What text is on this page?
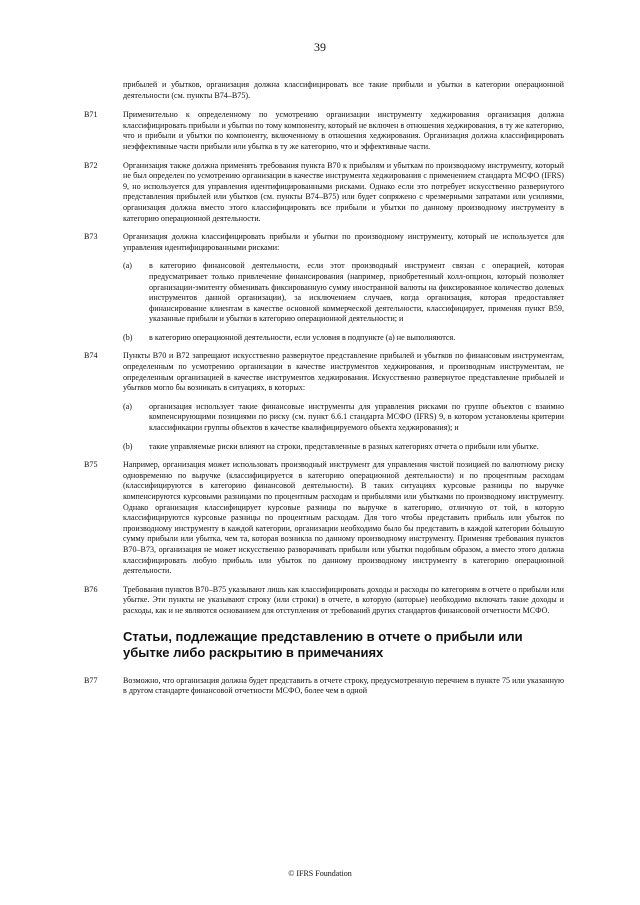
39
прибылей и убытков, организация должна классифицировать все такие прибыли и убытки в категории операционной деятельности (см. пункты B74–B75).
B71	Применительно к определенному по усмотрению организации инструменту хеджирования организация должна классифицировать прибыли и убытки по тому компоненту, который не включен в отношения хеджирования, в ту же категорию, что и прибыли и убытки по компоненту, включенному в отношения хеджирования. Организация должна классифицировать неэффективные части прибыли или убытка в ту же категорию, что и эффективные части.
B72	Организация также должна применять требования пункта B70 к прибылям и убыткам по производному инструменту, который не был определен по усмотрению организации в качестве инструмента хеджирования с применением стандарта МСФО (IFRS) 9, но используется для управления идентифицированными рисками. Однако если это потребует искусственно развернутого представления прибылей или убытков (см. пункты B74–B75) или будет сопряжено с чрезмерными затратами или усилиями, организация должна вместо этого классифицировать все прибыли и убытки по данному производному инструменту в категорию операционной деятельности.
B73	Организация должна классифицировать прибыли и убытки по производному инструменту, который не используется для управления идентифицированными рисками:
(a) в категорию финансовой деятельности, если этот производный инструмент связан с операцией, которая предусматривает только привлечение финансирования (например, приобретенный колл-опцион, который позволяет организации-эмитенту обменивать фиксированную сумму иностранной валюты на фиксированное количество долевых инструментов данной организации), за исключением случаев, когда организация, которая предоставляет финансирование клиентам в качестве основной коммерческой деятельности, классифицирует, применяя пункт B59, указанные прибыли и убытки в категорию операционной деятельности; и
(b) в категорию операционной деятельности, если условия в подпункте (a) не выполняются.
B74	Пункты B70 и B72 запрещают искусственно развернутое представление прибылей и убытков по финансовым инструментам, определенным по усмотрению организации в качестве инструментов хеджирования, и производным инструментам, не определенным организацией в качестве инструментов хеджирования. Искусственно развернутое представление прибылей и убытков могло бы возникать в ситуациях, в которых:
(a) организация использует такие финансовые инструменты для управления рисками по группе объектов с взаимно компенсирующими позициями по риску (см. пункт 6.6.1 стандарта МСФО (IFRS) 9, в котором установлены критерии классификации группы объектов в качестве квалифицируемого объекта хеджирования); и
(b) такие управляемые риски влияют на строки, представленные в разных категориях отчета о прибыли или убытке.
B75	Например, организация может использовать производный инструмент для управления чистой позицией по валютному риску одновременно по выручке (классифицируется в категорию операционной деятельности) и по процентным расходам (классифицируются в категорию финансовой деятельности). В таких ситуациях курсовые разницы по выручке компенсируются курсовыми разницами по процентным расходам и прибылями или убытками по производному инструменту. Однако организация классифицирует курсовые разницы по выручке в категорию, отличную от той, в которую классифицируются курсовые разницы по процентным расходам. Для того чтобы представить прибыль или убыток по производному инструменту в каждой категории, организации необходимо было бы представить в каждой категории бо́льшую сумму прибыли или убытка, чем та, которая возникла по данному производному инструменту. Применяя требования пунктов B70–B73, организация не может искусственно разворачивать прибыли или убытки подобным образом, а вместо этого должна классифицировать любую прибыль или убыток по данному производному инструменту в категорию операционной деятельности.
B76	Требования пунктов B70–B75 указывают лишь как классифицировать доходы и расходы по категориям в отчете о прибыли или убытке. Эти пункты не указывают строку (или строки) в отчете, в которую (которые) необходимо включать такие доходы и расходы, как и не являются основанием для отступления от требований других стандартов финансовой отчетности МСФО.
Статьи, подлежащие представлению в отчете о прибыли или убытке либо раскрытию в примечаниях
B77	Возможно, что организация должна будет представить в отчете строку, предусмотренную перечнем в пункте 75 или указанную в другом стандарте финансовой отчетности МСФО, более чем в одной
© IFRS Foundation
